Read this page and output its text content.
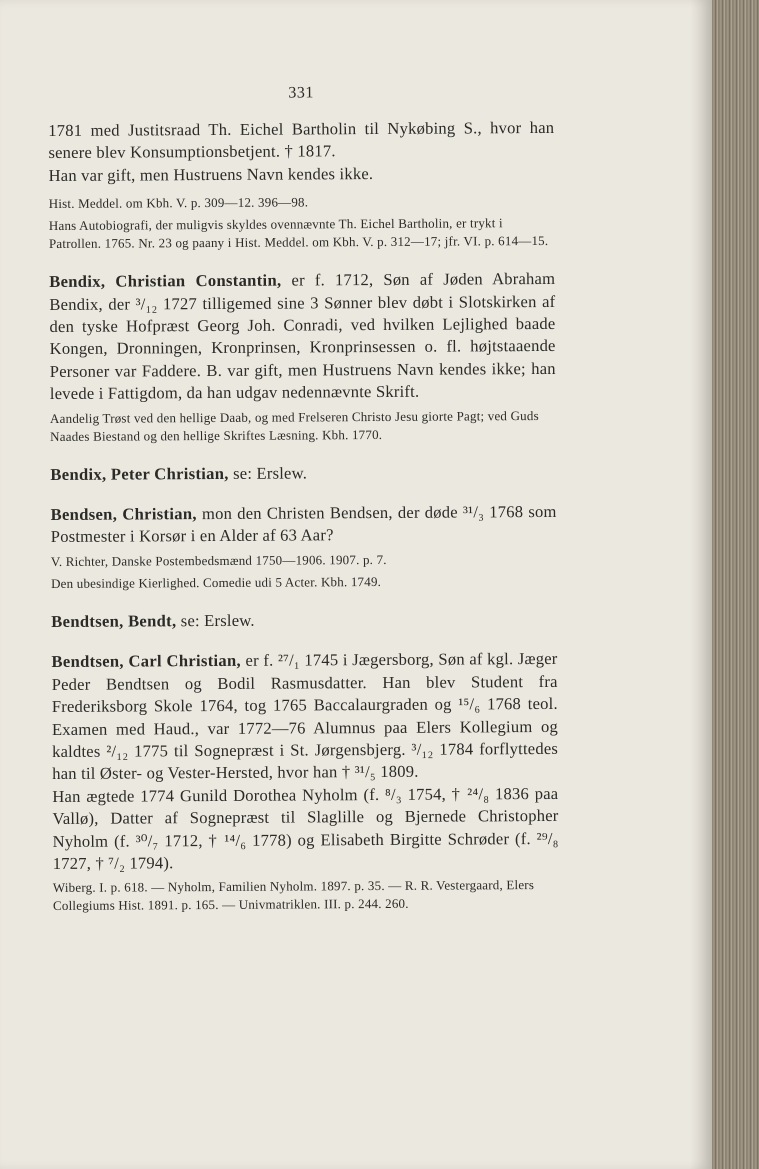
331

1781 med Justitsraad Th. Eichel Bartholin til Nykøbing S., hvor han senere blev Konsumptionsbetjent. † 1817.

Han var gift, men Hustruens Navn kendes ikke.

Hist. Meddel. om Kbh. V. p. 309—12. 396—98.

Hans Autobiografi, der muligvis skyldes ovennævnte Th. Eichel Bartholin, er trykt i Patrollen. 1765. Nr. 23 og paany i Hist. Meddel. om Kbh. V. p. 312—17; jfr. VI. p. 614—15.

Bendix, Christian Constantin, er f. 1712, Søn af Jøden Abraham Bendix, der ³/₁₂ 1727 tilligemed sine 3 Sønner blev døbt i Slotskirken af den tyske Hofpræst Georg Joh. Conradi, ved hvilken Lejlighed baade Kongen, Dronningen, Kronprinsen, Kronprinsessen o. fl. højtstaaende Personer var Faddere. B. var gift, men Hustruens Navn kendes ikke; han levede i Fattigdom, da han udgav nedennævnte Skrift.

Aandelig Trøst ved den hellige Daab, og med Frelseren Christo Jesu giorte Pagt; ved Guds Naades Biestand og den hellige Skriftes Læsning. Kbh. 1770.

Bendix, Peter Christian, se: Erslew.

Bendsen, Christian, mon den Christen Bendsen, der døde ³¹/₃ 1768 som Postmester i Korsør i en Alder af 63 Aar?

V. Richter, Danske Postembedsmænd 1750—1906. 1907. p. 7.

Den ubesindige Kierlighed. Comedie udi 5 Acter. Kbh. 1749.

Bendtsen, Bendt, se: Erslew.

Bendtsen, Carl Christian, er f. ²⁷/₁ 1745 i Jægersborg, Søn af kgl. Jæger Peder Bendtsen og Bodil Rasmusdatter. Han blev Student fra Frederiksborg Skole 1764, tog 1765 Baccalaurgraden og ¹⁵/₆ 1768 teol. Examen med Haud., var 1772—76 Alumnus paa Elers Kollegium og kaldtes ²/₁₂ 1775 til Sognepræst i St. Jørgensbjerg. ³/₁₂ 1784 forflyttedes han til Øster- og Vester-Hersted, hvor han † ³¹/₅ 1809.

Han ægtede 1774 Gunild Dorothea Nyholm (f. ⁸/₃ 1754, † ²⁴/₈ 1836 paa Vallø), Datter af Sognepræst til Slaglille og Bjernede Christopher Nyholm (f. ³⁰/₇ 1712, † ¹⁴/₆ 1778) og Elisabeth Birgitte Schrøder (f. ²⁹/₈ 1727, † ⁷/₂ 1794).

Wiberg. I. p. 618. — Nyholm, Familien Nyholm. 1897. p. 35. — R. R. Vestergaard, Elers Collegiums Hist. 1891. p. 165. — Univmatriklen. III. p. 244. 260.
